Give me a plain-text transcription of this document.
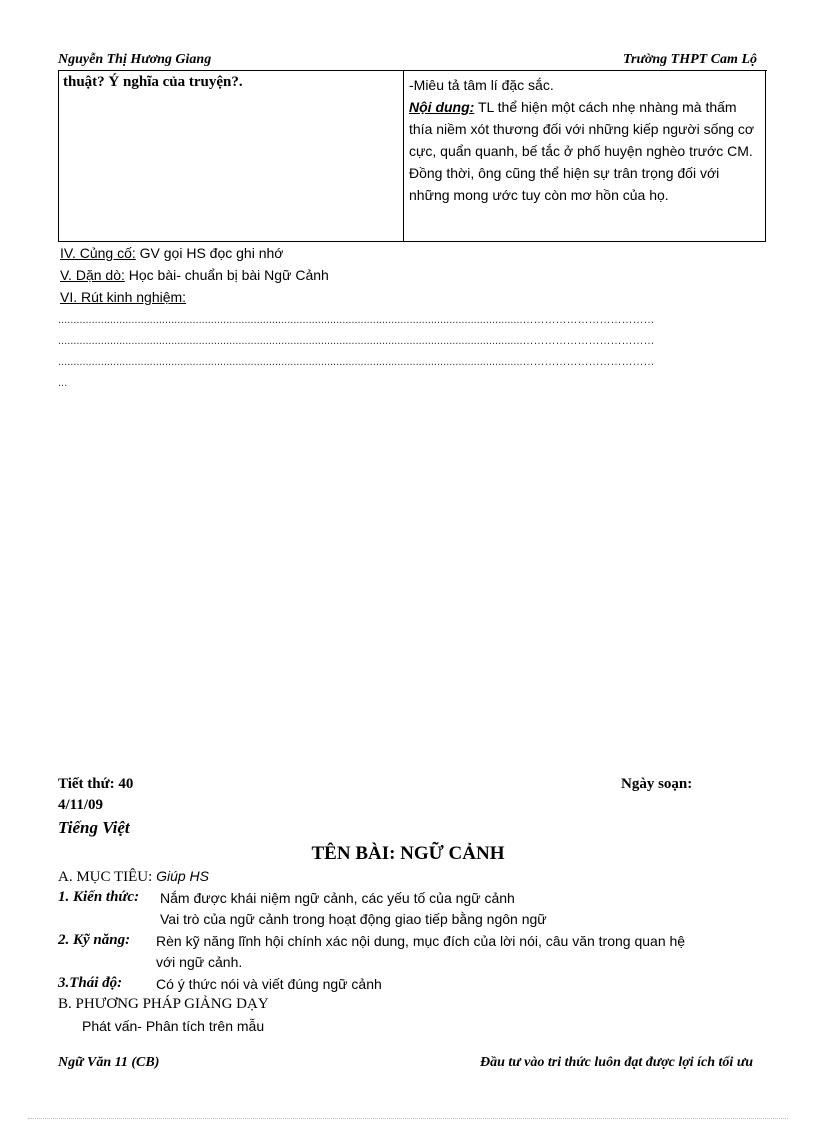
Nguyễn Thị Hương Giang	Trường THPT Cam Lộ
thuật? Ý nghĩa của truyện?.	-Miêu tả tâm lí đặc sắc.
Nội dung: TL thể hiện một cách nhẹ nhàng mà thấm thía niềm xót thương đối với những kiếp người sống cơ cực, quẩn quanh, bế tắc ở phố huyện nghèo trước CM. Đồng thời, ông cũng thể hiện sự trân trọng đối với những mong ước tuy còn mơ hồn của họ.
IV. Củng cố: GV gọi HS đọc ghi nhớ
V. Dặn dò: Học bài- chuẩn bị bài Ngữ Cảnh
VI. Rút kinh nghiệm:
........................................................................................................................................................………………………………
........................................................................................................................................................………………………………
........................................................................................................................................................………………………………
...
Tiết thứ: 40	Ngày soạn:
4/11/09
Tiếng Việt
TÊN BÀI: NGỮ CẢNH
A. MỤC TIÊU: Giúp HS
1. Kiến thức: Nắm được khái niệm ngữ cảnh, các yếu tố của ngữ cảnh
Vai trò của ngữ cảnh trong hoạt động giao tiếp bằng ngôn ngữ
2. Kỹ năng: Rèn kỹ năng lĩnh hội chính xác nội dung, mục đích của lời nói, câu văn trong quan hệ
với ngữ cảnh.
3.Thái độ: Có ý thức nói và viết đúng ngữ cảnh
B. PHƯƠNG PHÁP GIẢNG DẠY
Phát vấn- Phân tích trên mẫu
Ngữ Văn 11 (CB)	Đầu tư vào tri thức luôn đạt được lợi ích tối ưu
